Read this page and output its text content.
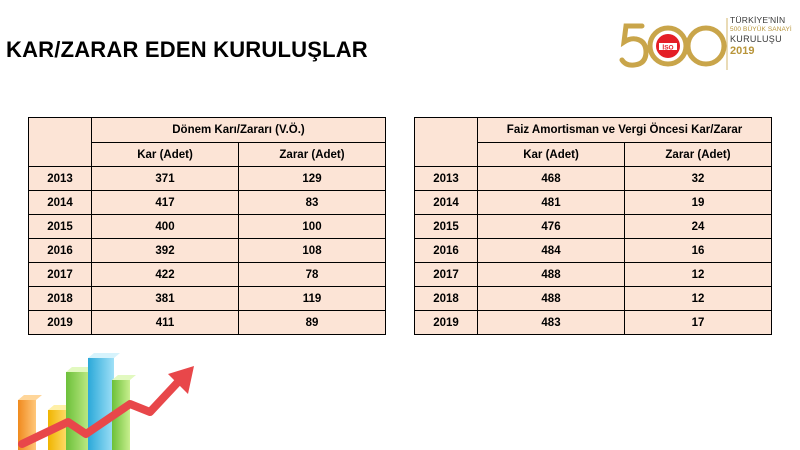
KAR/ZARAR EDEN KURULUŞLAR	İSO
TÜRKİYE'NİN
500 BÜYÜK SANAYİ
KURULUŞU
2019
	Dönem Karı/Zararı (V.Ö.)	
	Kar (Adet)	Zarar (Adet)
2013	371	129
2014	417	83
2015	400	100
2016	392	108
2017	422	78
2018	381	119
2019	411	89
	Faiz Amortisman ve Vergi Öncesi Kar/Zarar	
	Kar (Adet)	Zarar (Adet)
2013	468	32
2014	481	19
2015	476	24
2016	484	16
2017	488	12
2018	488	12
2019	483	17
